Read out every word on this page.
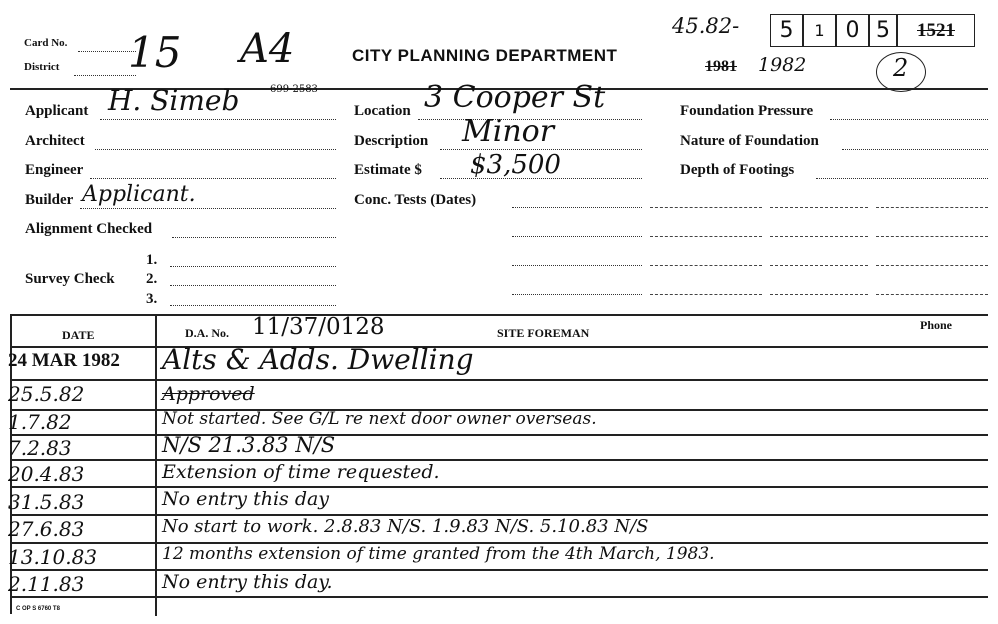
Card No.
District 15 A4	CITY PLANNING DEPARTMENT
45.82-	5	1 0 5	1521
1981 1982	2
Applicant H. Simeb	699-2583
Architect
Engineer
Builder Applicant.
Alignment Checked
Survey Check
1.
2.
3.
Location 3 Cooper St
Description Minor
Estimate $ $3,500
Conc. Tests (Dates)
Foundation Pressure
Nature of Foundation
Depth of Footings
DATE	D.A. No. 11/37/0128	SITE FOREMAN
Phone
24 MAR 1982	Alts & Adds. Dwelling
25.5.82	Approved
1.7.82	Not started. See G/L re next door owner overseas.
7.2.83	N/S 21.3.83 N/S
20.4.83	Extension of time requested.
31.5.83	No entry this day
27.6.83	No start to work. 2.8.83 N/S. 1.9.83 N/S. 5.10.83 N/S
13.10.83	12 months extension of time granted from the 4th March, 1983.
2.11.83	No entry this day.
C OP S 6760 T8
